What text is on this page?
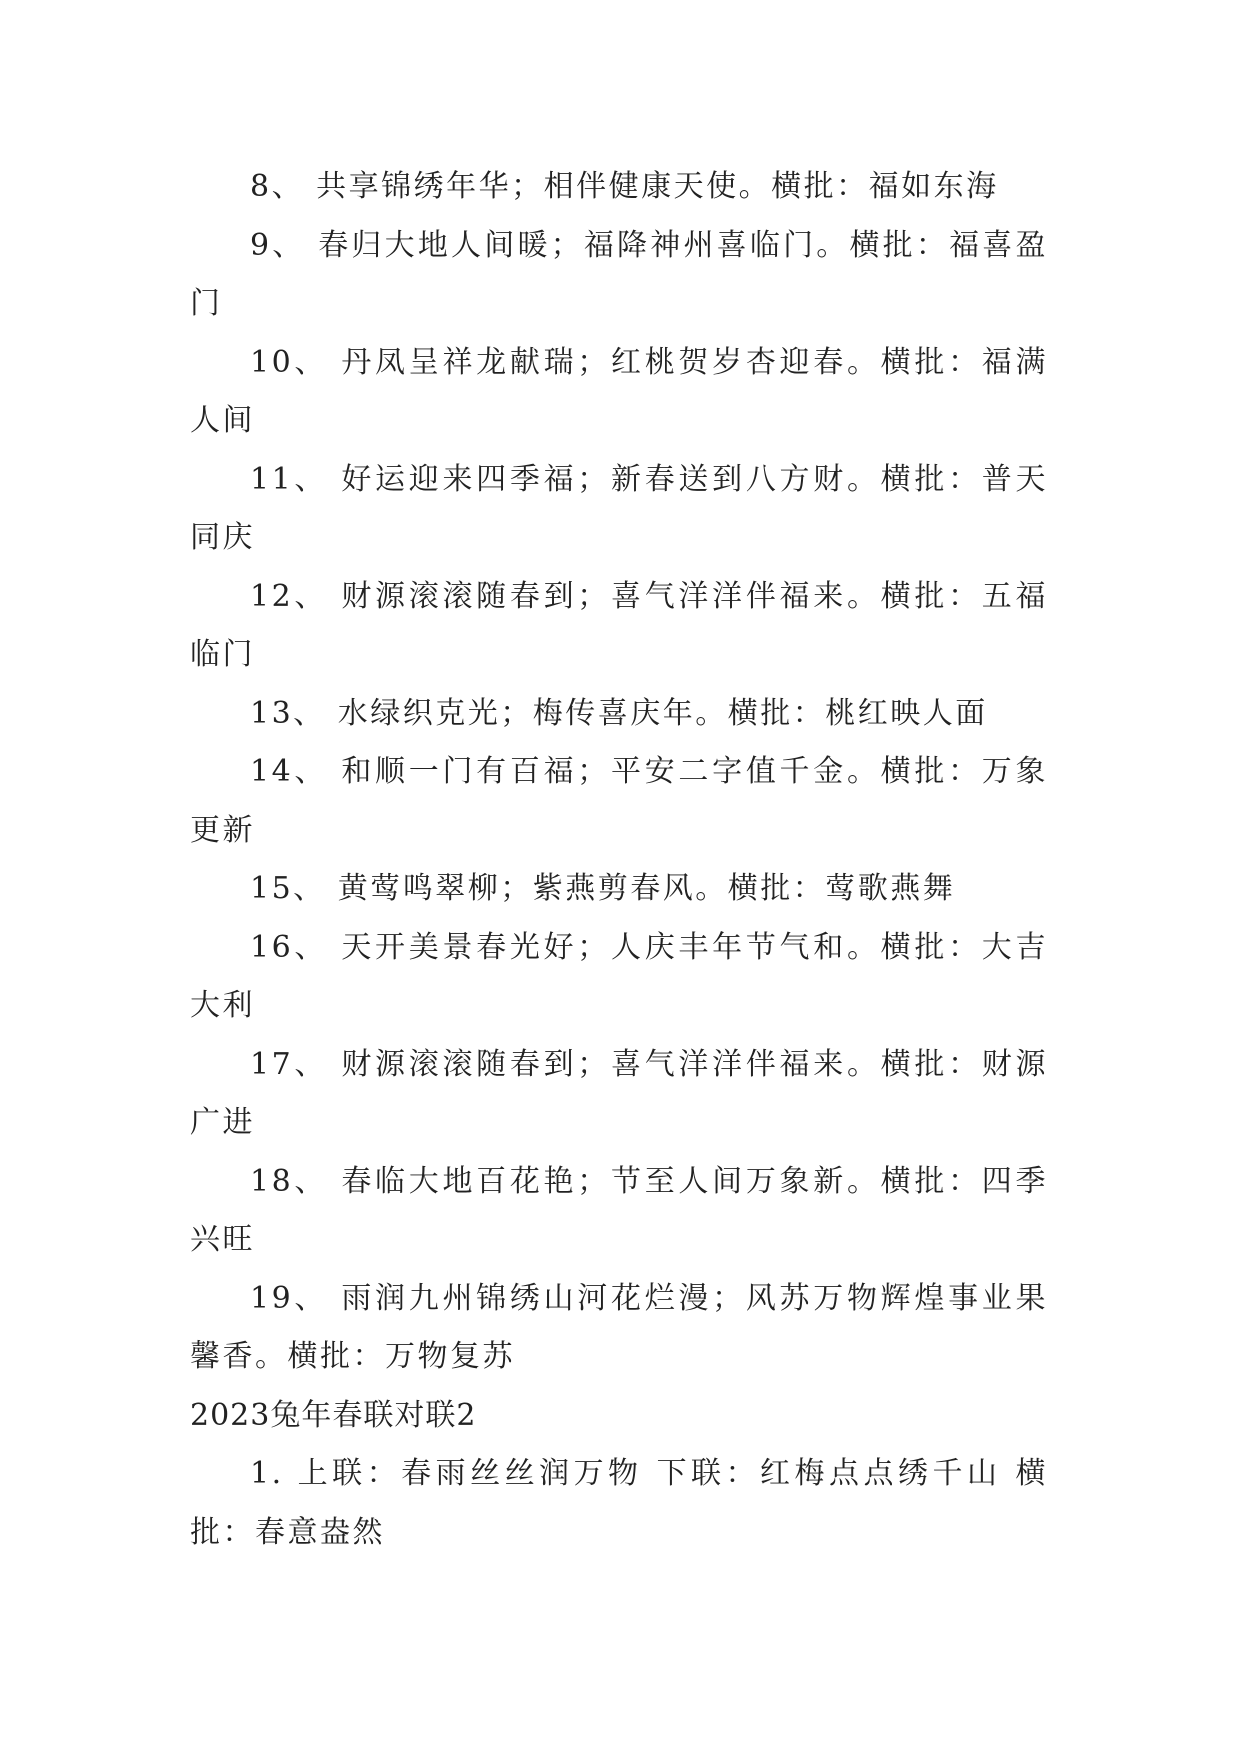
8、 共享锦绣年华；相伴健康天使。横批：福如东海

9、 春归大地人间暖；福降神州喜临门。横批：福喜盈门

10、 丹凤呈祥龙献瑞；红桃贺岁杏迎春。横批：福满人间

11、 好运迎来四季福；新春送到八方财。横批：普天同庆

12、 财源滚滚随春到；喜气洋洋伴福来。横批：五福临门

13、 水绿织克光；梅传喜庆年。横批：桃红映人面

14、 和顺一门有百福；平安二字值千金。横批：万象更新

15、 黄莺鸣翠柳；紫燕剪春风。横批：莺歌燕舞

16、 天开美景春光好；人庆丰年节气和。横批：大吉大利

17、 财源滚滚随春到；喜气洋洋伴福来。横批：财源广进

18、 春临大地百花艳；节至人间万象新。横批：四季兴旺

19、 雨润九州锦绣山河花烂漫；风苏万物辉煌事业果馨香。横批：万物复苏

2023兔年春联对联2

1. 上联：春雨丝丝润万物 下联：红梅点点绣千山 横批：春意盎然
